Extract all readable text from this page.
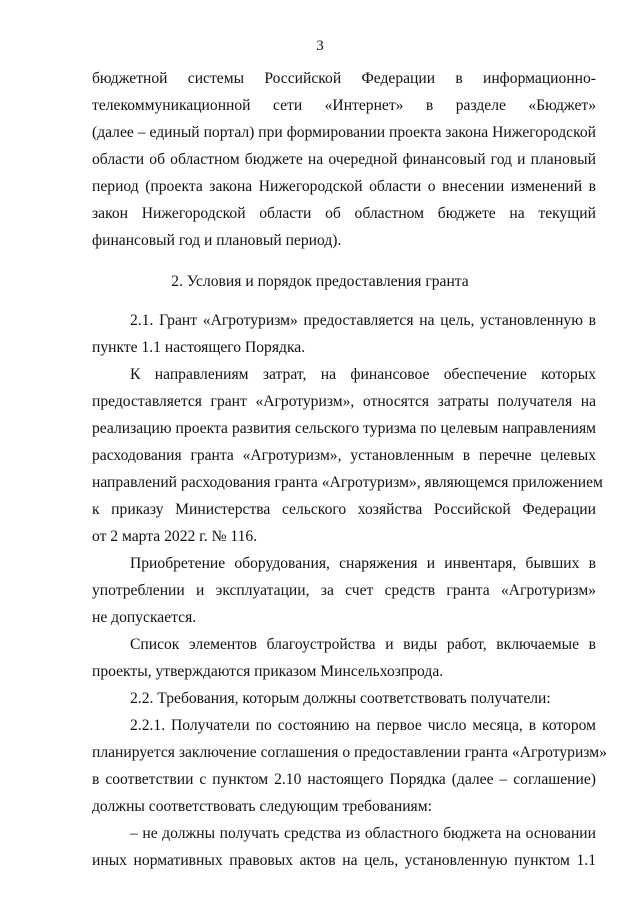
3
бюджетной системы Российской Федерации в информационно-
телекоммуникационной сети «Интернет» в разделе «Бюджет»
(далее – единый портал) при формировании проекта закона Нижегородской
области об областном бюджете на очередной финансовый год и плановый
период (проекта закона Нижегородской области о внесении изменений в
закон Нижегородской области об областном бюджете на текущий
финансовый год и плановый период).
2. Условия и порядок предоставления гранта
2.1. Грант «Агротуризм» предоставляется на цель, установленную в
пункте 1.1 настоящего Порядка.
К направлениям затрат, на финансовое обеспечение которых
предоставляется грант «Агротуризм», относятся затраты получателя на
реализацию проекта развития сельского туризма по целевым направлениям
расходования гранта «Агротуризм», установленным в перечне целевых
направлений расходования гранта «Агротуризм», являющемся приложением
к приказу Министерства сельского хозяйства Российской Федерации
от 2 марта 2022 г. № 116.
Приобретение оборудования, снаряжения и инвентаря, бывших в
употреблении и эксплуатации, за счет средств гранта «Агротуризм»
не допускается.
Список элементов благоустройства и виды работ, включаемые в
проекты, утверждаются приказом Минсельхозпрода.
2.2. Требования, которым должны соответствовать получатели:
2.2.1. Получатели по состоянию на первое число месяца, в котором
планируется заключение соглашения о предоставлении гранта «Агротуризм»
в соответствии с пунктом 2.10 настоящего Порядка (далее – соглашение)
должны соответствовать следующим требованиям:
– не должны получать средства из областного бюджета на основании
иных нормативных правовых актов на цель, установленную пунктом 1.1
